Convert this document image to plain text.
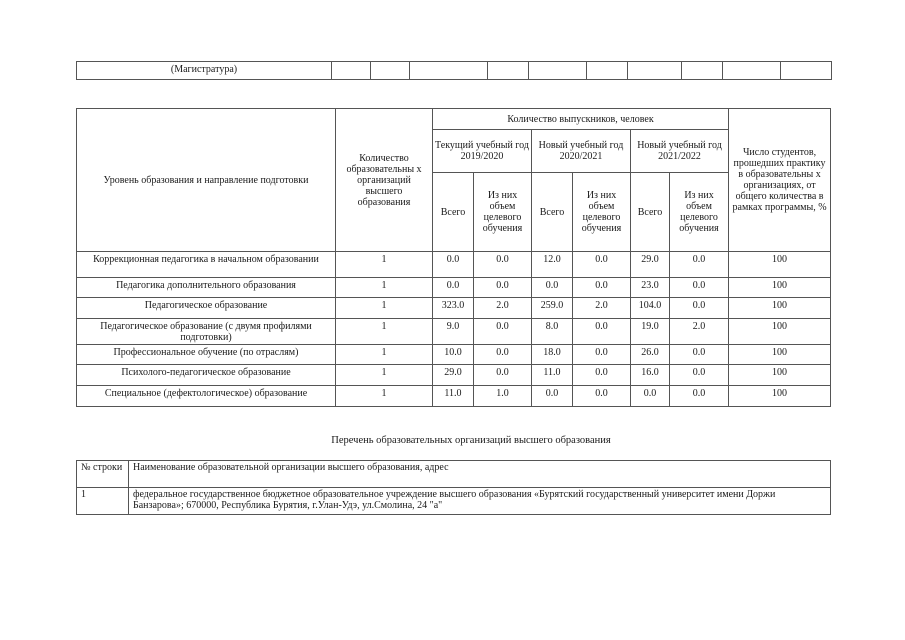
(Магистратура)										
Уровень образования и направление подготовки	Количество образовательны х организаций высшего образования	Количество выпускников, человек						Число студентов, прошедших практику в образовательны х организациях, от общего количества в рамках программы, %
		Текущий учебный год 2019/2020		Новый учебный год 2020/2021		Новый учебный год 2021/2022		
		Всего	Из них объем целевого обучения	Всего	Из них объем целевого обучения	Всего	Из них объем целевого обучения	
Коррекционная педагогика в начальном образовании	1	0.0	0.0	12.0	0.0	29.0	0.0	100
Педагогика дополнительного образования	1	0.0	0.0	0.0	0.0	23.0	0.0	100
Педагогическое образование	1	323.0	2.0	259.0	2.0	104.0	0.0	100
Педагогическое образование (с двумя профилями подготовки)	1	9.0	0.0	8.0	0.0	19.0	2.0	100
Профессиональное обучение (по отраслям)	1	10.0	0.0	18.0	0.0	26.0	0.0	100
Психолого-педагогическое образование	1	29.0	0.0	11.0	0.0	16.0	0.0	100
Специальное (дефектологическое) образование	1	11.0	1.0	0.0	0.0	0.0	0.0	100
Перечень образовательных организаций высшего образования
№ строки	Наименование образовательной организации высшего образования, адрес
1	федеральное государственное бюджетное образовательное учреждение высшего образования «Бурятский государственный университет имени Доржи Банзарова»; 670000, Республика Бурятия, г.Улан-Удэ, ул.Смолина, 24 "а"
